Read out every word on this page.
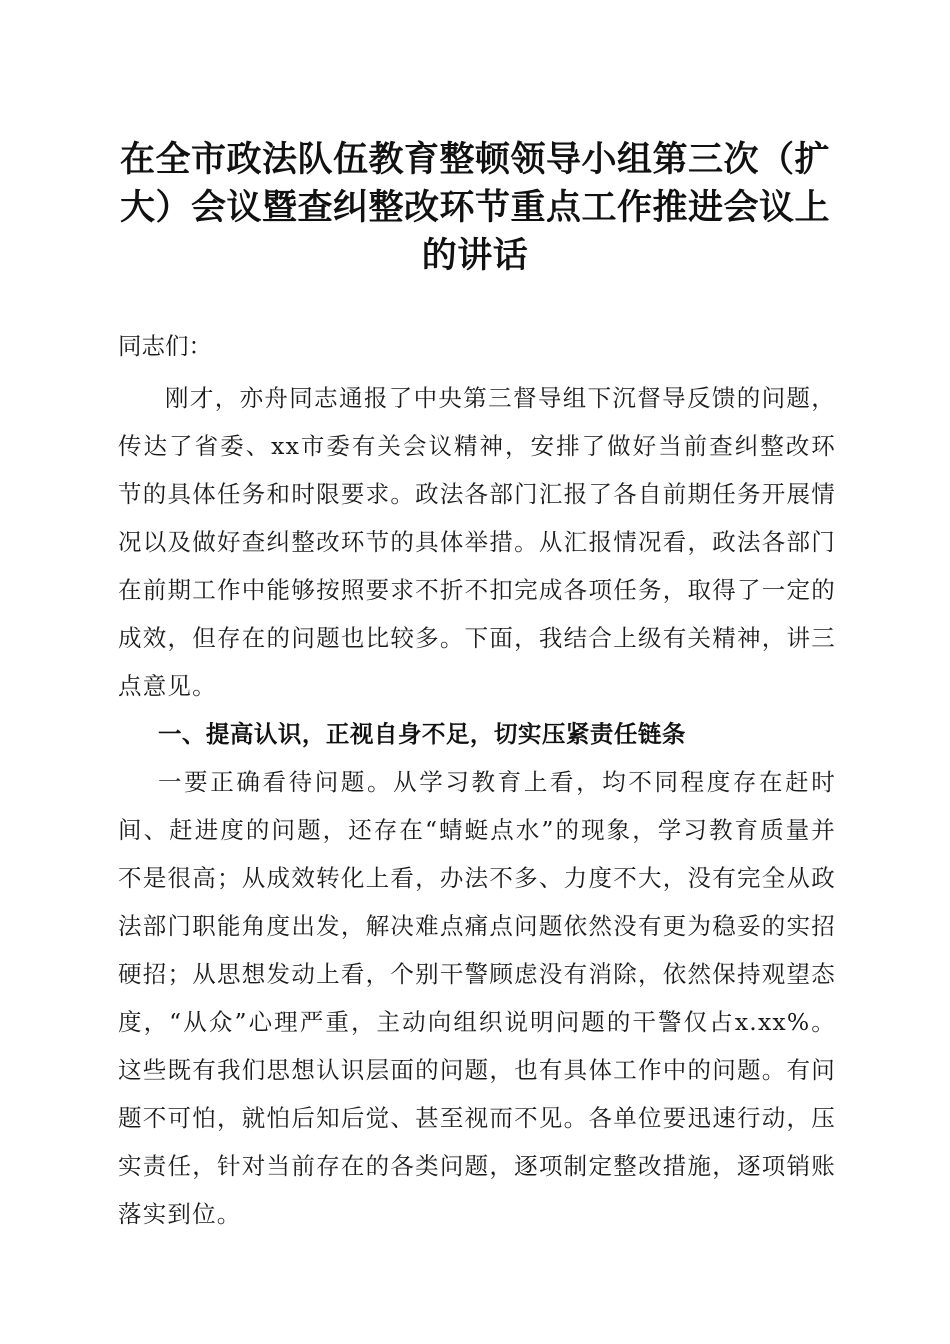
在全市政法队伍教育整顿领导小组第三次（扩
大）会议暨查纠整改环节重点工作推进会议上
的讲话

同志们：

刚才，亦舟同志通报了中央第三督导组下沉督导反馈的问题，传达了省委、xx市委有关会议精神，安排了做好当前查纠整改环节的具体任务和时限要求。政法各部门汇报了各自前期任务开展情况以及做好查纠整改环节的具体举措。从汇报情况看，政法各部门在前期工作中能够按照要求不折不扣完成各项任务，取得了一定的成效，但存在的问题也比较多。下面，我结合上级有关精神，讲三点意见。

一、提高认识，正视自身不足，切实压紧责任链条

一要正确看待问题。从学习教育上看，均不同程度存在赶时间、赶进度的问题，还存在“蜻蜓点水”的现象，学习教育质量并不是很高；从成效转化上看，办法不多、力度不大，没有完全从政法部门职能角度出发，解决难点痛点问题依然没有更为稳妥的实招硬招；从思想发动上看，个别干警顾虑没有消除，依然保持观望态度，“从众”心理严重，主动向组织说明问题的干警仅占x.xx%。这些既有我们思想认识层面的问题，也有具体工作中的问题。有问题不可怕，就怕后知后觉、甚至视而不见。各单位要迅速行动，压实责任，针对当前存在的各类问题，逐项制定整改措施，逐项销账落实到位。
